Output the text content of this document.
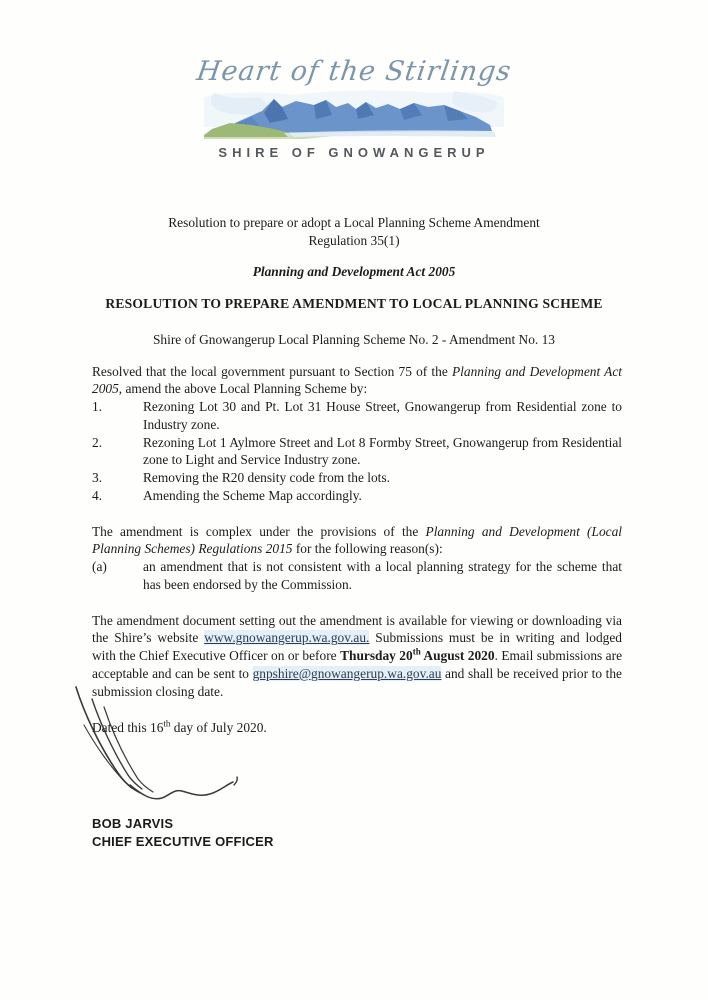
Heart of the Stirlings
SHIRE OF GNOWANGERUP
Resolution to prepare or adopt a Local Planning Scheme Amendment
Regulation 35(1)
Planning and Development Act 2005
RESOLUTION TO PREPARE AMENDMENT TO LOCAL PLANNING SCHEME
Shire of Gnowangerup Local Planning Scheme No. 2 - Amendment No. 13
Resolved that the local government pursuant to Section 75 of the Planning and Development Act 2005, amend the above Local Planning Scheme by:
1.	Rezoning Lot 30 and Pt. Lot 31 House Street, Gnowangerup from Residential zone to Industry zone.
2.	Rezoning Lot 1 Aylmore Street and Lot 8 Formby Street, Gnowangerup from Residential zone to Light and Service Industry zone.
3.	Removing the R20 density code from the lots.
4.	Amending the Scheme Map accordingly.
The amendment is complex under the provisions of the Planning and Development (Local Planning Schemes) Regulations 2015 for the following reason(s):
(a)	an amendment that is not consistent with a local planning strategy for the scheme that has been endorsed by the Commission.
The amendment document setting out the amendment is available for viewing or downloading via the Shire’s website www.gnowangerup.wa.gov.au. Submissions must be in writing and lodged with the Chief Executive Officer on or before Thursday 20th August 2020. Email submissions are acceptable and can be sent to gnpshire@gnowangerup.wa.gov.au and shall be received prior to the submission closing date.
Dated this 16th day of July 2020.
BOB JARVIS
CHIEF EXECUTIVE OFFICER
